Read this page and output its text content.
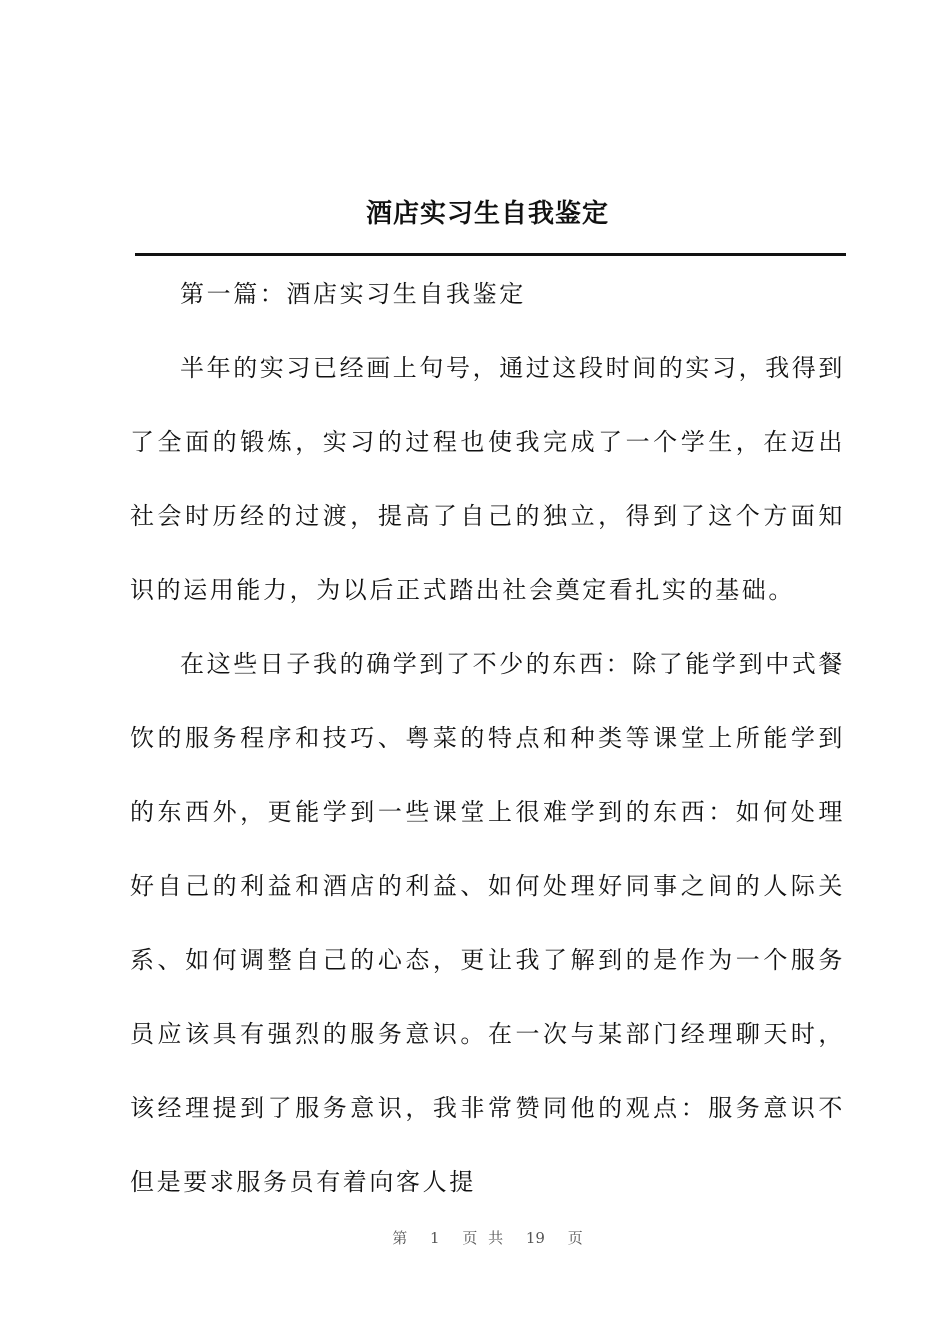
酒店实习生自我鉴定

第一篇：酒店实习生自我鉴定

半年的实习已经画上句号，通过这段时间的实习，我得到了全面的锻炼，实习的过程也使我完成了一个学生，在迈出社会时历经的过渡，提高了自己的独立，得到了这个方面知识的运用能力，为以后正式踏出社会奠定看扎实的基础。

在这些日子我的确学到了不少的东西：除了能学到中式餐饮的服务程序和技巧、粤菜的特点和种类等课堂上所能学到的东西外，更能学到一些课堂上很难学到的东西：如何处理好自己的利益和酒店的利益、如何处理好同事之间的人际关系、如何调整自己的心态，更让我了解到的是作为一个服务员应该具有强烈的服务意识。在一次与某部门经理聊天时，该经理提到了服务意识，我非常赞同他的观点：服务意识不但是要求服务员有着向客人提

第 1 页 共 19 页
